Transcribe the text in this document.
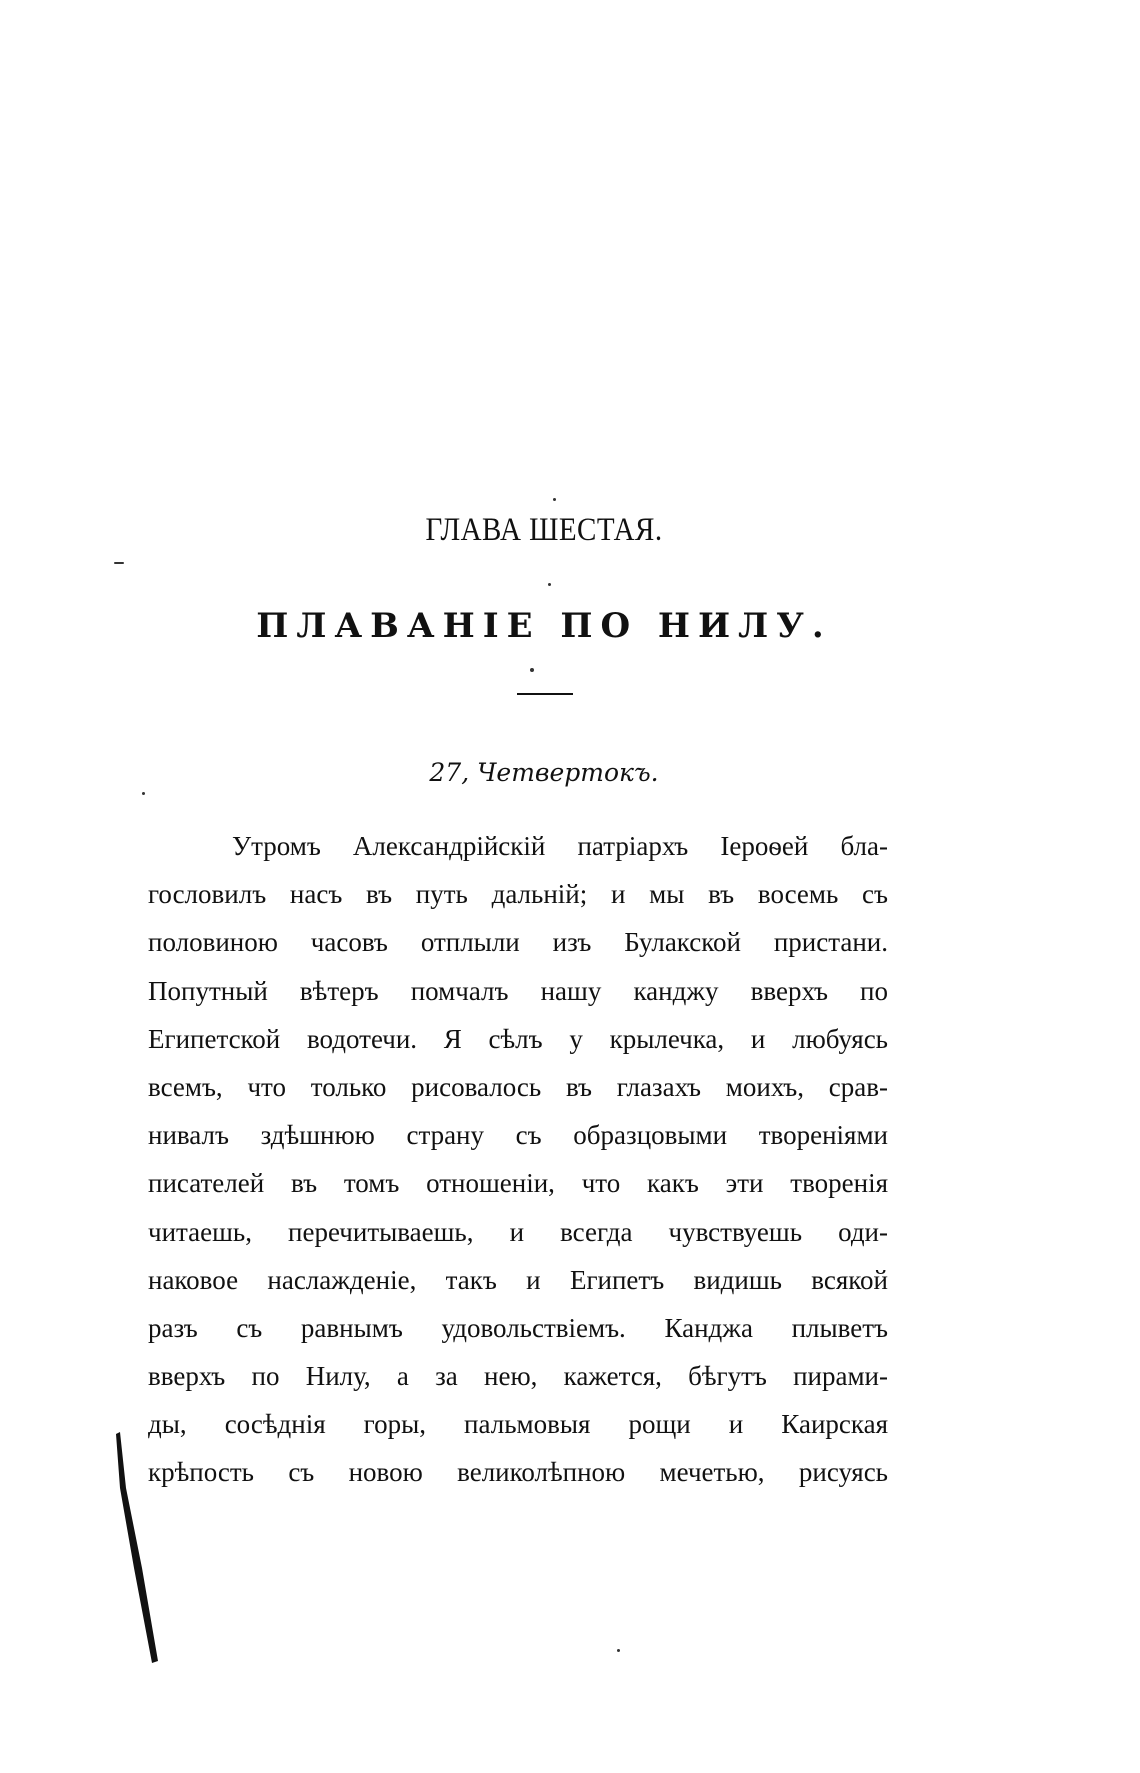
ГЛАВА ШЕСТАЯ.
ПЛАВАНІЕ ПО НИЛУ.
27, Четвертокъ.
Утромъ Александрійскій патріархъ Іероѳей бла-
гословилъ насъ въ путь дальній; и мы въ восемь съ
половиною часовъ отплыли изъ Булакской пристани.
Попутный вѣтеръ помчалъ нашу канджу вверхъ по
Египетской водотечи. Я сѣлъ у крылечка, и любуясь
всемъ, что только рисовалось въ глазахъ моихъ, срав-
нивалъ здѣшнюю страну съ образцовыми твореніями
писателей въ томъ отношеніи, что какъ эти творенія
читаешь, перечитываешь, и всегда чувствуешь оди-
наковое наслажденіе, такъ и Египетъ видишь всякой
разъ съ равнымъ удовольствіемъ. Канджа плыветъ
вверхъ по Нилу, а за нею, кажется, бѣгутъ пирами-
ды, сосѣднія горы, пальмовыя рощи и Каирская
крѣпость съ новою великолѣпною мечетью, рисуясь
